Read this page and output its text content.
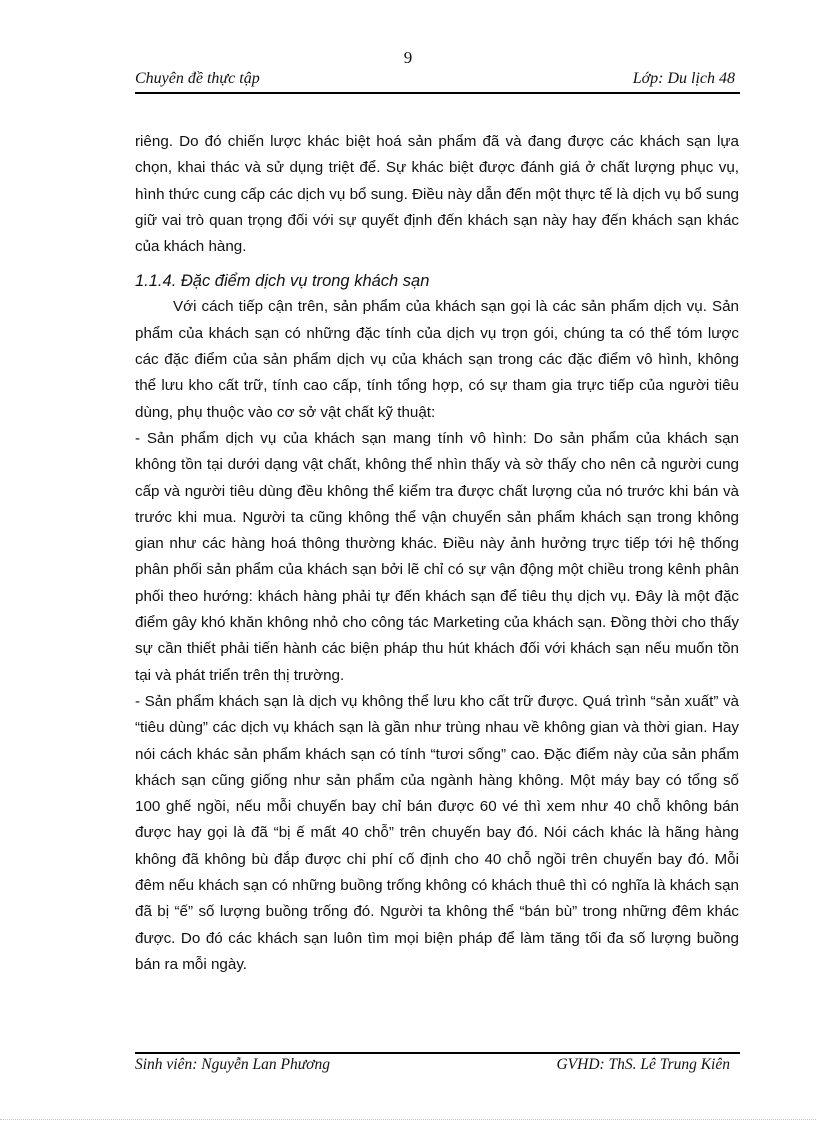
9
Chuyên đề thực tập	Lớp: Du lịch 48

riêng. Do đó chiến lược khác biệt hoá sản phẩm đã và đang được các khách sạn lựa chọn, khai thác và sử dụng triệt để. Sự khác biệt được đánh giá ở chất lượng phục vụ, hình thức cung cấp các dịch vụ bổ sung. Điều này dẫn đến một thực tế là dịch vụ bổ sung giữ vai trò quan trọng đối với sự quyết định đến khách sạn này hay đến khách sạn khác của khách hàng.

1.1.4. Đặc điểm dịch vụ trong khách sạn

Với cách tiếp cận trên, sản phẩm của khách sạn gọi là các sản phẩm dịch vụ. Sản phẩm của khách sạn có những đặc tính của dịch vụ trọn gói, chúng ta có thể tóm lược các đặc điểm của sản phẩm dịch vụ của khách sạn trong các đặc điểm vô hình, không thể lưu kho cất trữ, tính cao cấp, tính tổng hợp, có sự tham gia trực tiếp của người tiêu dùng, phụ thuộc vào cơ sở vật chất kỹ thuật:

- Sản phẩm dịch vụ của khách sạn mang tính vô hình: Do sản phẩm của khách sạn không tồn tại dưới dạng vật chất, không thể nhìn thấy và sờ thấy cho nên cả người cung cấp và người tiêu dùng đều không thể kiểm tra được chất lượng của nó trước khi bán và trước khi mua. Người ta cũng không thể vận chuyển sản phẩm khách sạn trong không gian như các hàng hoá thông thường khác. Điều này ảnh hưởng trực tiếp tới hệ thống phân phối sản phẩm của khách sạn bởi lẽ chỉ có sự vận động một chiều trong kênh phân phối theo hướng: khách hàng phải tự đến khách sạn để tiêu thụ dịch vụ. Đây là một đặc điểm gây khó khăn không nhỏ cho công tác Marketing của khách sạn. Đồng thời cho thấy sự cần thiết phải tiến hành các biện pháp thu hút khách đối với khách sạn nếu muốn tồn tại và phát triển trên thị trường.

- Sản phẩm khách sạn là dịch vụ không thể lưu kho cất trữ được. Quá trình “sản xuất” và “tiêu dùng” các dịch vụ khách sạn là gần như trùng nhau về không gian và thời gian. Hay nói cách khác sản phẩm khách sạn có tính “tươi sống” cao. Đặc điểm này của sản phẩm khách sạn cũng giống như sản phẩm của ngành hàng không. Một máy bay có tổng số 100 ghế ngồi, nếu mỗi chuyến bay chỉ bán được 60 vé thì xem như 40 chỗ không bán được hay gọi là đã “bị ế mất 40 chỗ” trên chuyến bay đó. Nói cách khác là hãng hàng không đã không bù đắp được chi phí cố định cho 40 chỗ ngồi trên chuyến bay đó. Mỗi đêm nếu khách sạn có những buồng trống không có khách thuê thì có nghĩa là khách sạn đã bị “ế” số lượng buồng trống đó. Người ta không thể “bán bù” trong những đêm khác được. Do đó các khách sạn luôn tìm mọi biện pháp để làm tăng tối đa số lượng buồng bán ra mỗi ngày.

Sinh viên: Nguyễn Lan Phương	GVHD: ThS. Lê Trung Kiên
